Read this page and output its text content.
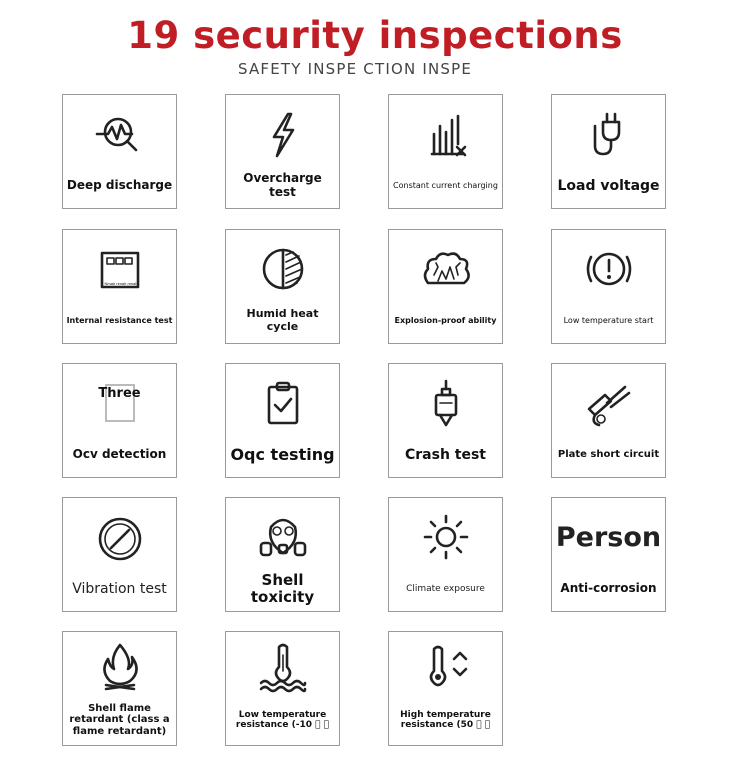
19 security inspections
SAFETY INSPE CTION INSPE
Deep discharge	Overcharge test	Constant current charging	Load voltage
Nmah nmah nmah
Internal resistance test
Humid heat cycle	Explosion-proof ability	Low temperature start
Three
Ocv detection	Oqc testing	Crash test	Plate short circuit
Vibration test
Shell toxicity	Climate exposure
Person
Anti-corrosion
Shell flame retardant (class a flame retardant)
Low temperature resistance (-10 ￿ ￿
High temperature resistance (50 ￿ ￿
